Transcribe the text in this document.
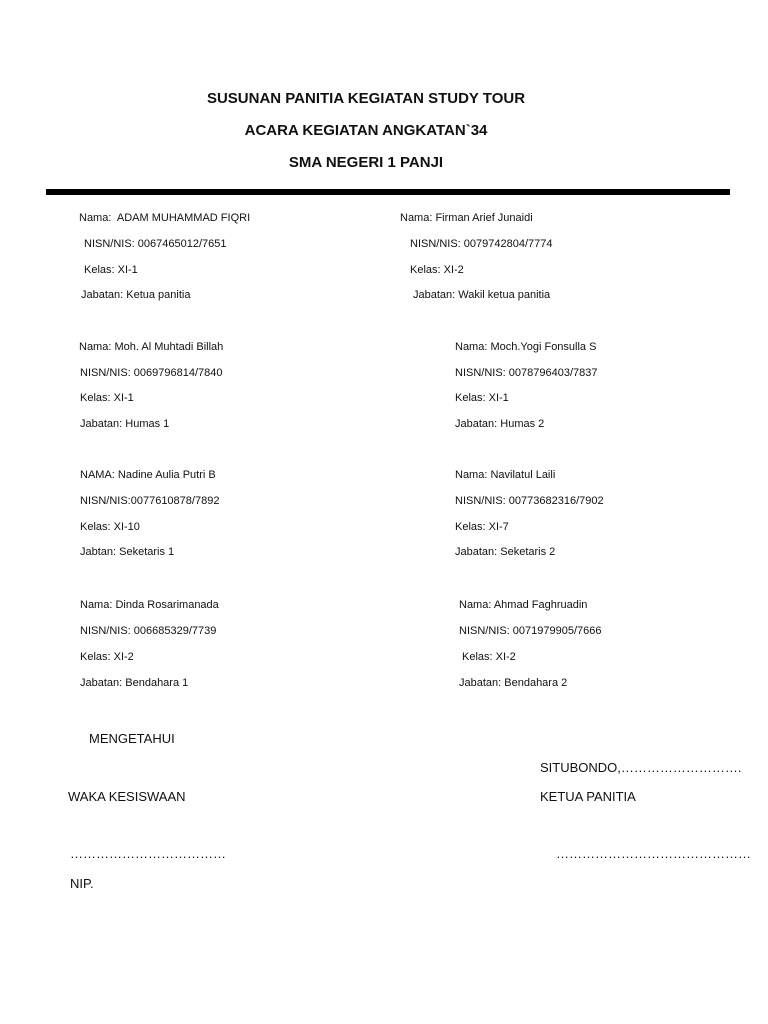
SUSUNAN PANITIA KEGIATAN STUDY TOUR
ACARA KEGIATAN ANGKATAN`34
SMA NEGERI 1 PANJI
Nama:  ADAM MUHAMMAD FIQRI
NISN/NIS: 0067465012/7651
Kelas: XI-1
Jabatan: Ketua panitia
Nama: Firman Arief Junaidi
NISN/NIS: 0079742804/7774
Kelas: XI-2
Jabatan: Wakil ketua panitia
Nama: Moh. Al Muhtadi Billah
NISN/NIS: 0069796814/7840
Kelas: XI-1
Jabatan: Humas 1
Nama: Moch.Yogi Fonsulla S
NISN/NIS: 0078796403/7837
Kelas: XI-1
Jabatan: Humas 2
NAMA: Nadine Aulia Putri B
NISN/NIS:0077610878/7892
Kelas: XI-10
Jabtan: Seketaris 1
Nama: Navilatul Laili
NISN/NIS: 00773682316/7902
Kelas: XI-7
Jabatan: Seketaris 2
Nama: Dinda Rosarimanada
NISN/NIS: 006685329/7739
Kelas: XI-2
Jabatan: Bendahara 1
Nama: Ahmad Faghruadin
NISN/NIS: 0071979905/7666
Kelas: XI-2
Jabatan: Bendahara 2
MENGETAHUI
SITUBONDO,……………………….
WAKA KESISWAAN	KETUA PANITIA
………………………………	………………………………………
NIP.
